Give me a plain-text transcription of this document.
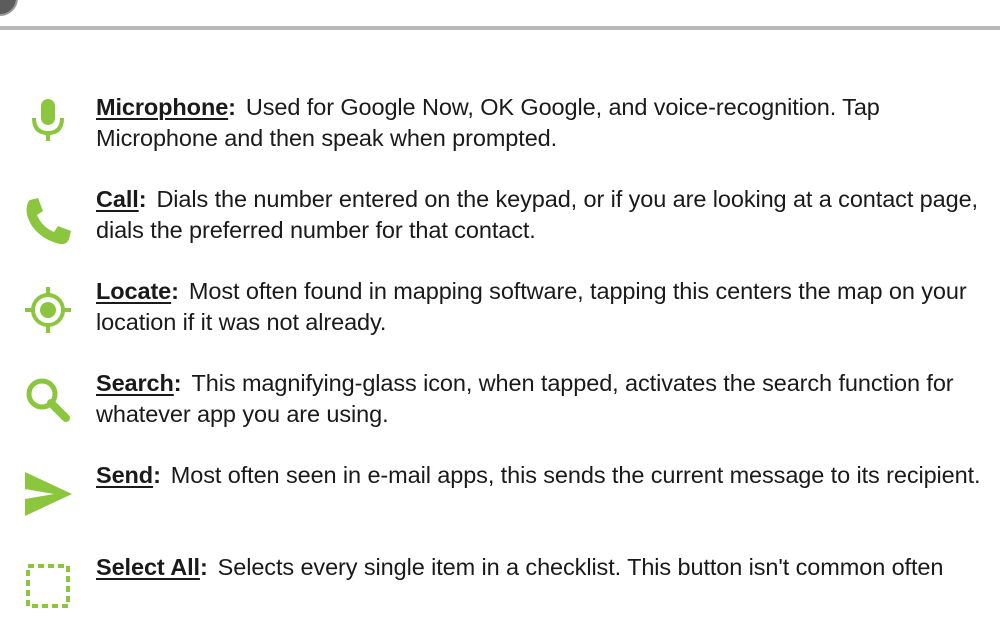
Microphone: Used for Google Now, OK Google, and voice-recognition. Tap Microphone and then speak when prompted.
Call: Dials the number entered on the keypad, or if you are looking at a contact page, dials the preferred number for that contact.
Locate: Most often found in mapping software, tapping this centers the map on your location if it was not already.
Search: This magnifying-glass icon, when tapped, activates the search function for whatever app you are using.
Send: Most often seen in e-mail apps, this sends the current message to its recipient.
Select All: Selects every single item in a checklist. This button isn't common often
